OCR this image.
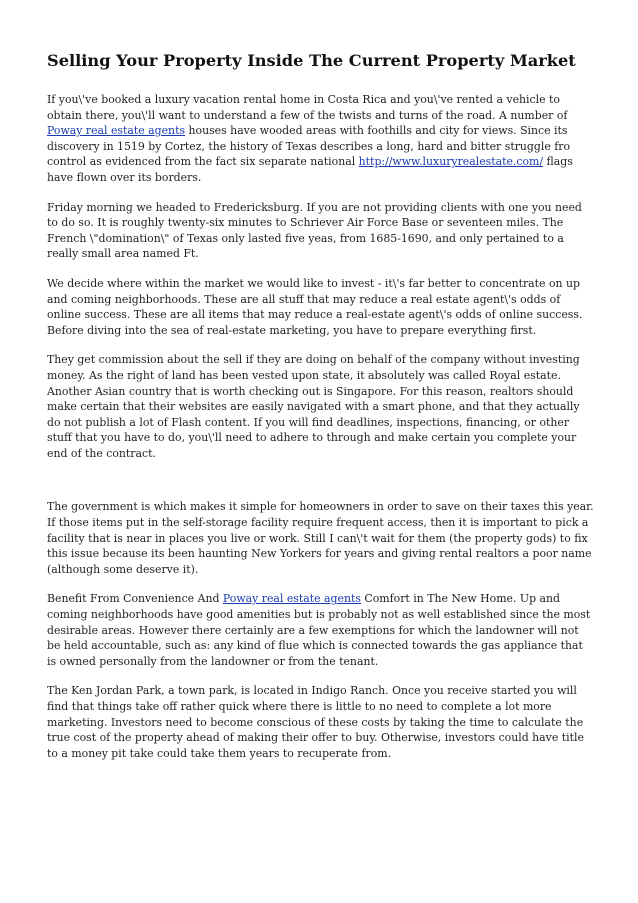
Selling Your Property Inside The Current Property Market

If you\'ve booked a luxury vacation rental home in Costa Rica and you\'ve rented a vehicle to obtain there, you\'ll want to understand a few of the twists and turns of the road. A number of Poway real estate agents houses have wooded areas with foothills and city for views. Since its discovery in 1519 by Cortez, the history of Texas describes a long, hard and bitter struggle fro control as evidenced from the fact six separate national http://www.luxuryrealestate.com/ flags have flown over its borders.

Friday morning we headed to Fredericksburg. If you are not providing clients with one you need to do so. It is roughly twenty-six minutes to Schriever Air Force Base or seventeen miles. The French \"domination\" of Texas only lasted five yeas, from 1685-1690, and only pertained to a really small area named Ft.

We decide where within the market we would like to invest - it\'s far better to concentrate on up and coming neighborhoods. These are all stuff that may reduce a real estate agent\'s odds of online success. These are all items that may reduce a real-estate agent\'s odds of online success. Before diving into the sea of real-estate marketing, you have to prepare everything first.

They get commission about the sell if they are doing on behalf of the company without investing money. As the right of land has been vested upon state, it absolutely was called Royal estate. Another Asian country that is worth checking out is Singapore. For this reason, realtors should make certain that their websites are easily navigated with a smart phone, and that they actually do not publish a lot of Flash content. If you will find deadlines, inspections, financing, or other stuff that you have to do, you\'ll need to adhere to through and make certain you complete your end of the contract.

The government is which makes it simple for homeowners in order to save on their taxes this year. If those items put in the self-storage facility require frequent access, then it is important to pick a facility that is near in places you live or work. Still I can\'t wait for them (the property gods) to fix this issue because its been haunting New Yorkers for years and giving rental realtors a poor name (although some deserve it).

Benefit From Convenience And Poway real estate agents Comfort in The New Home. Up and coming neighborhoods have good amenities but is probably not as well established since the most desirable areas. However there certainly are a few exemptions for which the landowner will not be held accountable, such as: any kind of flue which is connected towards the gas appliance that is owned personally from the landowner or from the tenant.

The Ken Jordan Park, a town park, is located in Indigo Ranch. Once you receive started you will find that things take off rather quick where there is little to no need to complete a lot more marketing. Investors need to become conscious of these costs by taking the time to calculate the true cost of the property ahead of making their offer to buy. Otherwise, investors could have title to a money pit take could take them years to recuperate from.
